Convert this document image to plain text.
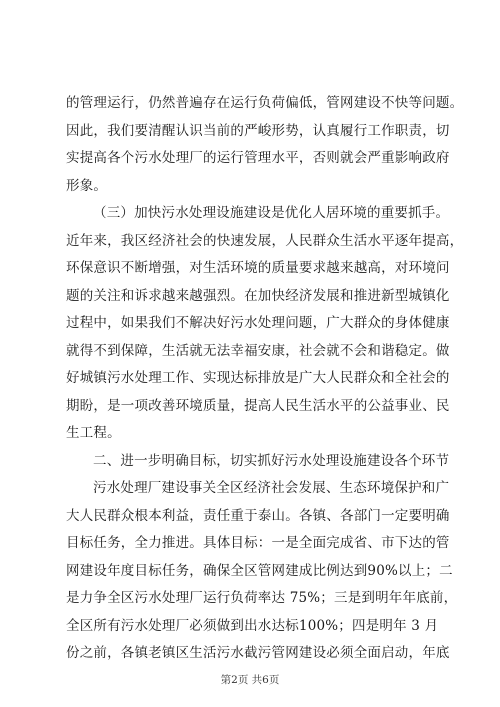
的管理运行，仍然普遍存在运行负荷偏低，管网建设不快等问题。
因此，我们要清醒认识当前的严峻形势，认真履行工作职责，切
实提高各个污水处理厂的运行管理水平，否则就会严重影响政府
形象。
（三）加快污水处理设施建设是优化人居环境的重要抓手。
近年来，我区经济社会的快速发展，人民群众生活水平逐年提高，
环保意识不断增强，对生活环境的质量要求越来越高，对环境问
题的关注和诉求越来越强烈。在加快经济发展和推进新型城镇化
过程中，如果我们不解决好污水处理问题，广大群众的身体健康
就得不到保障，生活就无法幸福安康，社会就不会和谐稳定。做
好城镇污水处理工作、实现达标排放是广大人民群众和全社会的
期盼，是一项改善环境质量，提高人民生活水平的公益事业、民
生工程。
二、进一步明确目标，切实抓好污水处理设施建设各个环节
污水处理厂建设事关全区经济社会发展、生态环境保护和广
大人民群众根本利益，责任重于泰山。各镇、各部门一定要明确
目标任务，全力推进。具体目标：一是全面完成省、市下达的管
网建设年度目标任务，确保全区管网建成比例达到90%以上；二
是力争全区污水处理厂运行负荷率达 75%；三是到明年年底前，
全区所有污水处理厂必须做到出水达标100%；四是明年 3 月
份之前，各镇老镇区生活污水截污管网建设必须全面启动，年底
第2页 共6页
